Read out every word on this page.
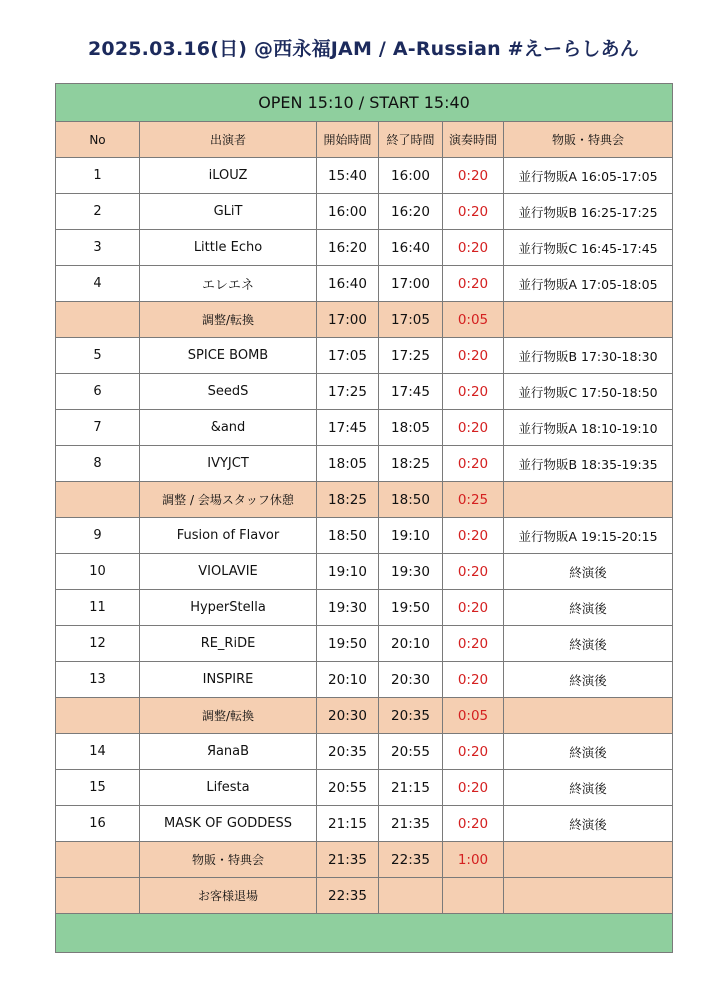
2025.03.16(日) @西永福JAM / A-Russian #えーらしあん
OPEN 15:10 / START 15:40					
No	出演者	開始時間	終了時間	演奏時間	物販・特典会
1	iLOUZ	15:40	16:00	0:20	並行物販A 16:05-17:05
2	GLiT	16:00	16:20	0:20	並行物販B 16:25-17:25
3	Little Echo	16:20	16:40	0:20	並行物販C 16:45-17:45
4	エレエネ	16:40	17:00	0:20	並行物販A 17:05-18:05
	調整/転換	17:00	17:05	0:05	
5	SPICE BOMB	17:05	17:25	0:20	並行物販B 17:30-18:30
6	SeedS	17:25	17:45	0:20	並行物販C 17:50-18:50
7	&and	17:45	18:05	0:20	並行物販A 18:10-19:10
8	IVYJCT	18:05	18:25	0:20	並行物販B 18:35-19:35
	調整 / 会場スタッフ休憩	18:25	18:50	0:25	
9	Fusion of Flavor	18:50	19:10	0:20	並行物販A 19:15-20:15
10	VIOLAVIE	19:10	19:30	0:20	終演後
11	HyperStella	19:30	19:50	0:20	終演後
12	RE_RiDE	19:50	20:10	0:20	終演後
13	INSPIRE	20:10	20:30	0:20	終演後
	調整/転換	20:30	20:35	0:05	
14	ЯanaB	20:35	20:55	0:20	終演後
15	Lifesta	20:55	21:15	0:20	終演後
16	MASK OF GODDESS	21:15	21:35	0:20	終演後
	物販・特典会	21:35	22:35	1:00	
	お客様退場	22:35			
